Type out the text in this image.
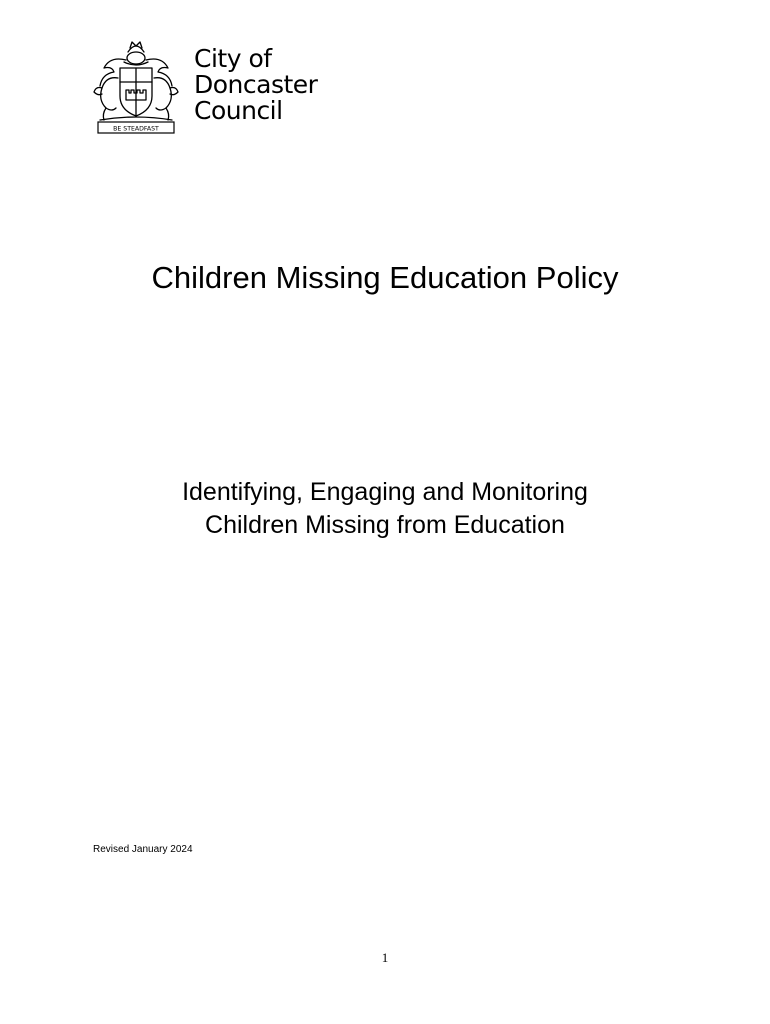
BE STEADFAST
City of
Doncaster
Council
Children Missing Education Policy
Identifying, Engaging and Monitoring
Children Missing from Education
Revised January 2024
1
